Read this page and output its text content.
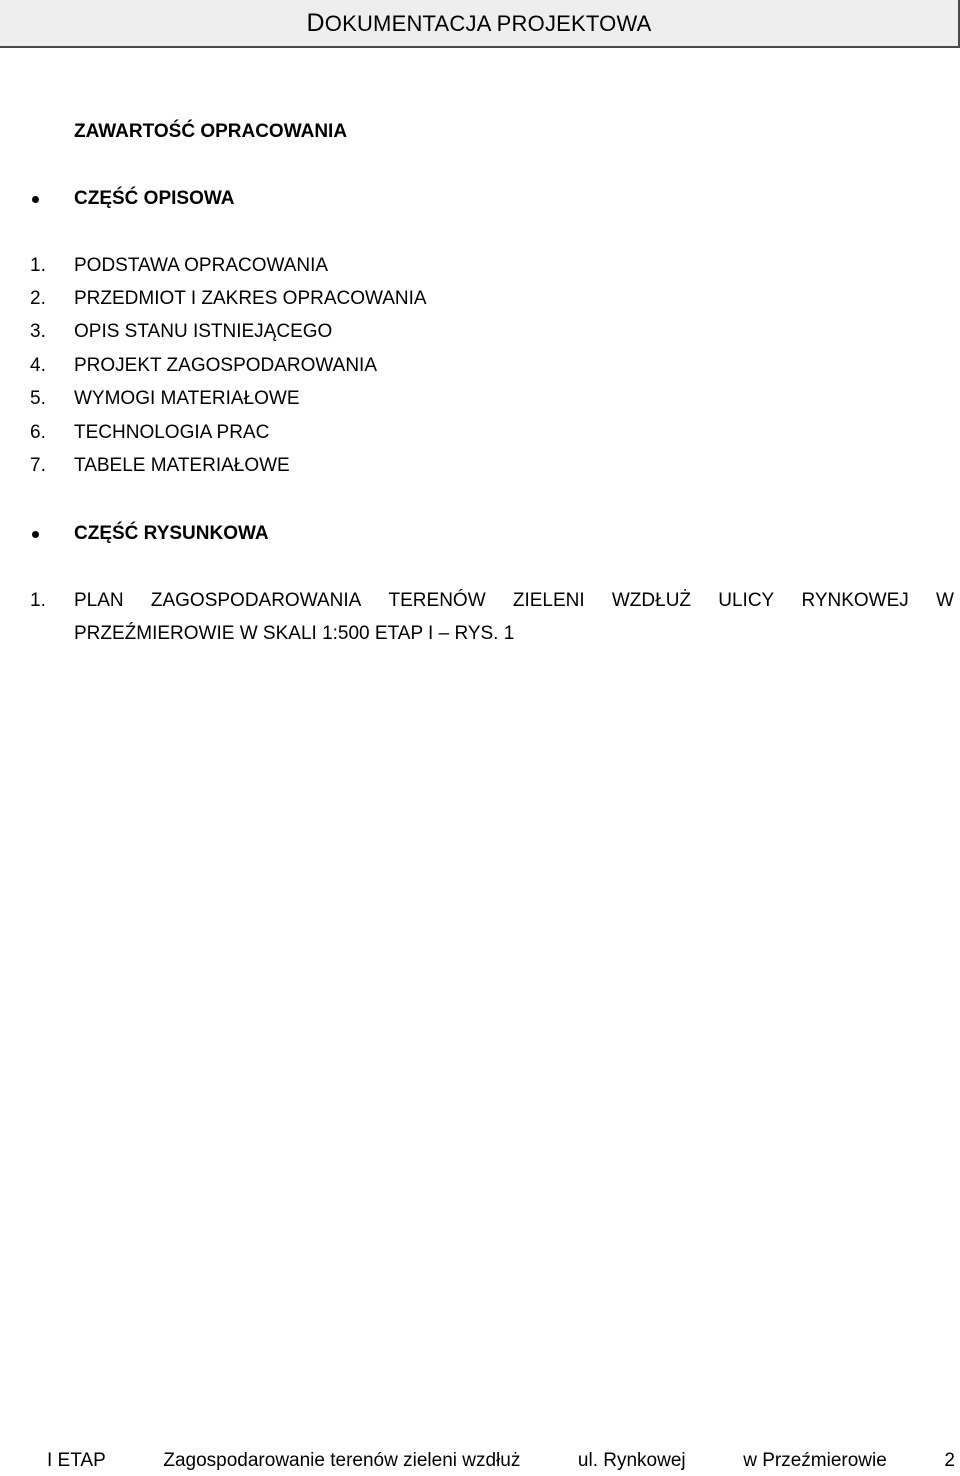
DOKUMENTACJA PROJEKTOWA
ZAWARTOŚĆ OPRACOWANIA
CZĘŚĆ OPISOWA
1. PODSTAWA OPRACOWANIA
2. PRZEDMIOT I ZAKRES OPRACOWANIA
3. OPIS STANU ISTNIEJĄCEGO
4. PROJEKT ZAGOSPODAROWANIA
5. WYMOGI MATERIAŁOWE
6. TECHNOLOGIA PRAC
7. TABELE MATERIAŁOWE
CZĘŚĆ RYSUNKOWA
1. PLAN ZAGOSPODAROWANIA TERENÓW ZIELENI WZDŁUŻ ULICY RYNKOWEJ W
PRZEŹMIEROWIE W SKALI 1:500 ETAP I – RYS. 1
I ETAP	Zagospodarowanie terenów zieleni wzdłuż	ul. Rynkowej	w Przeźmierowie	2
